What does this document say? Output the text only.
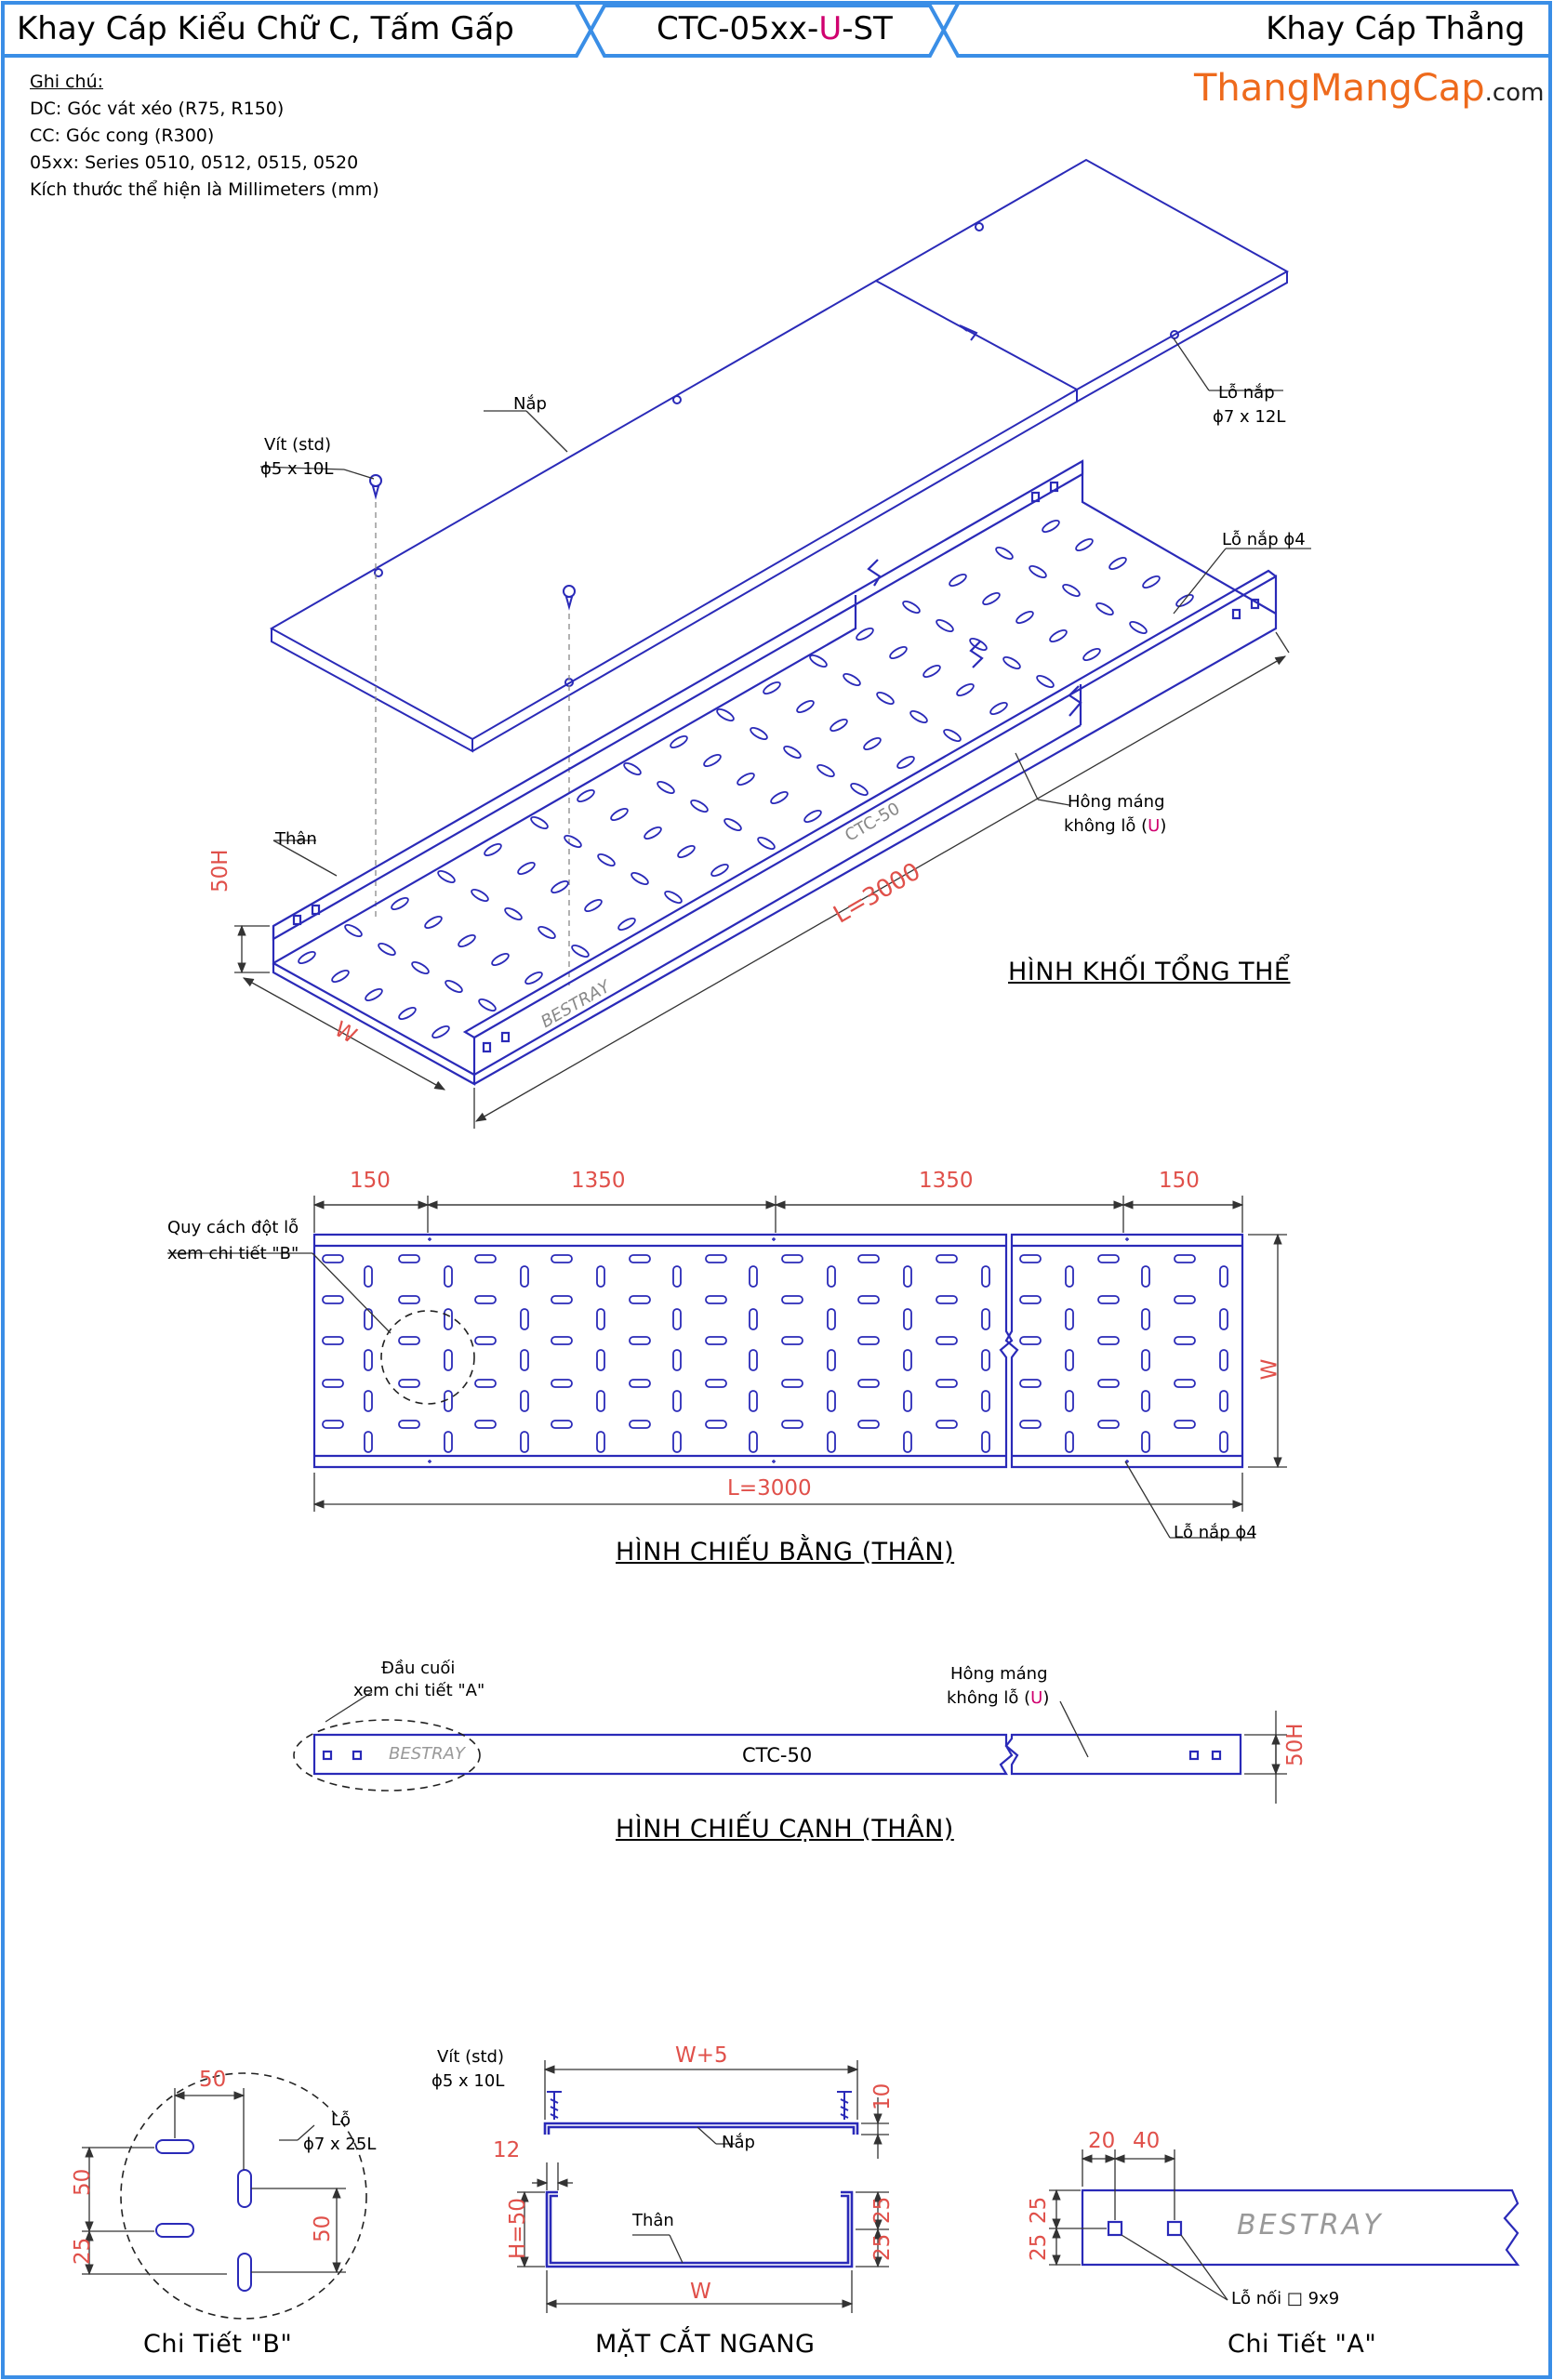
Khay Cáp Kiểu Chữ C, Tấm Gấp	CTC-05xx- U -ST	Khay Cáp Thẳng
ThangMangCap.com
Ghi chú:
DC: Góc vát xéo (R75, R150)
CC: Góc cong (R300)
05xx: Series 0510, 0512, 0515, 0520
Kích thước thể hiện là Millimeters (mm)
Nắp
Vít (std)
ϕ5 x 10L
Lỗ nắp
ϕ7 x 12L
Lỗ nắp ϕ4
Thân
Hông máng
không lỗ (U)
50H
W
L=3000
CTC-50
BESTRAY
HÌNH KHỐI TỔNG THỂ
150	1350	1350	150
L=3000
W
Quy cách đột lỗ
xem chi tiết "B"
Lỗ nắp ϕ4
HÌNH CHIẾU BẰNG (THÂN)
Đầu cuối
xem chi tiết "A"
Hông máng
không lỗ (U)
CTC-50	50H
BESTRAY
HÌNH CHIẾU CẠNH (THÂN)
50
50
25
50
Lỗ
ϕ7 x 25L
Chi Tiết "B"
Vít (std)
ϕ5 x 10L
W+5
10
12	Nắp
Thân
H=50	25
25
W
MẶT CẮT NGANG
20 40
25
25
BESTRAY
Lỗ nối □ 9x9
Chi Tiết "A"
